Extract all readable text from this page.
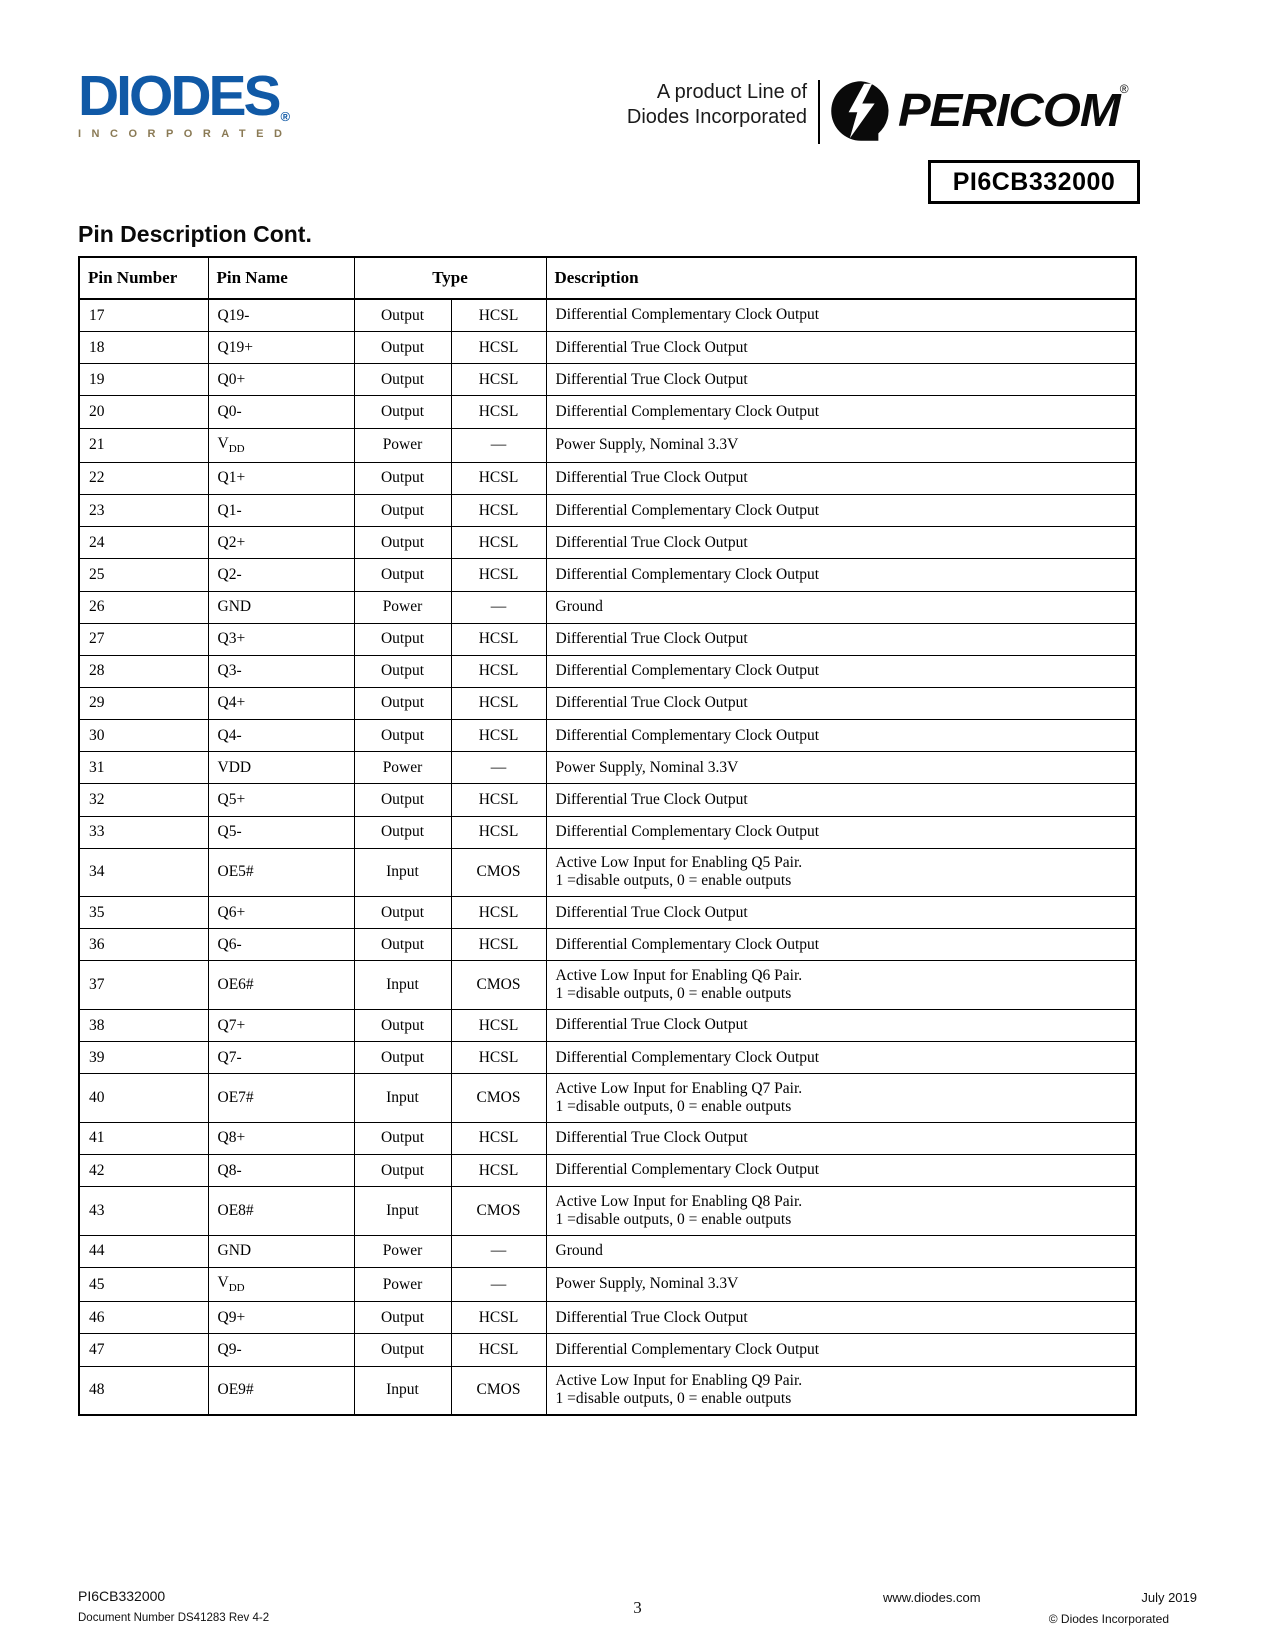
DIODES ®
INCORPORATED
A product Line of
Diodes Incorporated PERICOM ®
PI6CB332000
Pin Description Cont.
Pin Number	Pin Name	Type		Description
17	Q19-	Output	HCSL	Differential Complementary Clock Output

18	Q19+	Output	HCSL	Differential True Clock Output

19	Q0+	Output	HCSL	Differential True Clock Output

20	Q0-	Output	HCSL	Differential Complementary Clock Output

21	$V_{DD}$	Power	—	Power Supply, Nominal 3.3V

22	Q1+	Output	HCSL	Differential True Clock Output

23	Q1-	Output	HCSL	Differential Complementary Clock Output

24	Q2+	Output	HCSL	Differential True Clock Output

25	Q2-	Output	HCSL	Differential Complementary Clock Output

26	GND	Power	—	Ground

27	Q3+	Output	HCSL	Differential True Clock Output

28	Q3-	Output	HCSL	Differential Complementary Clock Output

29	Q4+	Output	HCSL	Differential True Clock Output

30	Q4-	Output	HCSL	Differential Complementary Clock Output

31	VDD	Power	—	Power Supply, Nominal 3.3V

32	Q5+	Output	HCSL	Differential True Clock Output

33	Q5-	Output	HCSL	Differential Complementary Clock Output

34	OE5#	Input	CMOS	Active Low Input for Enabling Q5 Pair.
1 =disable outputs, 0 = enable outputs

35	Q6+	Output	HCSL	Differential True Clock Output

36	Q6-	Output	HCSL	Differential Complementary Clock Output

37	OE6#	Input	CMOS	Active Low Input for Enabling Q6 Pair.
1 =disable outputs, 0 = enable outputs

38	Q7+	Output	HCSL	Differential True Clock Output

39	Q7-	Output	HCSL	Differential Complementary Clock Output

40	OE7#	Input	CMOS	Active Low Input for Enabling Q7 Pair.
1 =disable outputs, 0 = enable outputs

41	Q8+	Output	HCSL	Differential True Clock Output

42	Q8-	Output	HCSL	Differential Complementary Clock Output

43	OE8#	Input	CMOS	Active Low Input for Enabling Q8 Pair.
1 =disable outputs, 0 = enable outputs

44	GND	Power	—	Ground

45	$V_{DD}$	Power	—	Power Supply, Nominal 3.3V

46	Q9+	Output	HCSL	Differential True Clock Output

47	Q9-	Output	HCSL	Differential Complementary Clock Output

48	OE9#	Input	CMOS	Active Low Input for Enabling Q9 Pair.
1 =disable outputs, 0 = enable outputs
PI6CB332000
Document Number DS41283 Rev 4-2
3
www.diodes.com	July 2019
© Diodes Incorporated
